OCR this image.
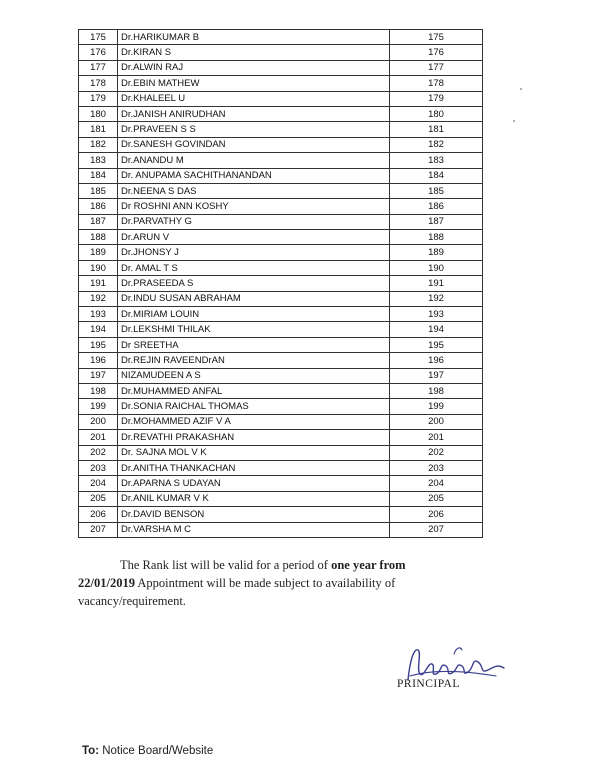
175	Dr.HARIKUMAR B	175
176	Dr.KIRAN S	176
177	Dr.ALWIN RAJ	177
178	Dr.EBIN MATHEW	178
179	Dr.KHALEEL U	179
180	Dr.JANISH ANIRUDHAN	180
181	Dr.PRAVEEN S S	181
182	Dr.SANESH GOVINDAN	182
183	Dr.ANANDU M	183
184	Dr. ANUPAMA SACHITHANANDAN	184
185	Dr.NEENA S DAS	185
186	Dr ROSHNI ANN KOSHY	186
187	Dr.PARVATHY G	187
188	Dr.ARUN V	188
189	Dr.JHONSY J	189
190	Dr. AMAL T S	190
191	Dr.PRASEEDA S	191
192	Dr.INDU SUSAN ABRAHAM	192
193	Dr.MIRIAM LOUIN	193
194	Dr.LEKSHMI THILAK	194
195	Dr SREETHA	195
196	Dr.REJIN RAVEENDrAN	196
197	NIZAMUDEEN A S	197
198	Dr.MUHAMMED ANFAL	198
199	Dr.SONIA RAICHAL THOMAS	199
200	Dr.MOHAMMED AZIF V A	200
201	Dr.REVATHI PRAKASHAN	201
202	Dr. SAJNA MOL V K	202
203	Dr.ANITHA THANKACHAN	203
204	Dr.APARNA S UDAYAN	204
205	Dr.ANIL KUMAR V K	205
206	Dr.DAVID BENSON	206
207	Dr.VARSHA M C	207
The Rank list will be valid for a period of one year from
22/01/2019 Appointment will be made subject to availability of
vacancy/requirement.
PRINCIPAL
To: Notice Board/Website
